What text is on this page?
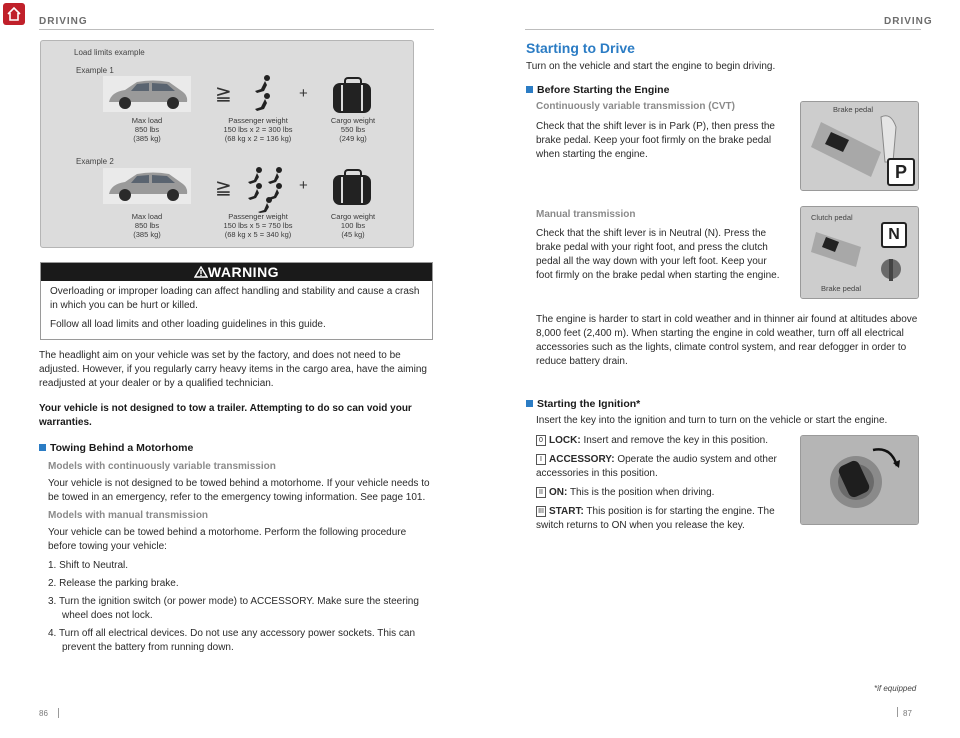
DRIVING	DRIVING
Load limits example
Example 1
≧	+
Max load
850 lbs
(385 kg)
Passenger weight
150 lbs x 2 = 300 lbs
(68 kg x 2 = 136 kg)
Cargo weight
550 lbs
(249 kg)
Example 2
≧	+
Max load
850 lbs
(385 kg)
Passenger weight
150 lbs x 5 = 750 lbs
(68 kg x 5 = 340 kg)
Cargo weight
100 lbs
(45 kg)
WARNING
Overloading or improper loading can affect handling and stability and cause a crash in which you can be hurt or killed.
Follow all load limits and other loading guidelines in this guide.
The headlight aim on your vehicle was set by the factory, and does not need to be adjusted. However, if you regularly carry heavy items in the cargo area, have the aiming readjusted at your dealer or by a qualified technician.
Your vehicle is not designed to tow a trailer. Attempting to do so can void your warranties.
Towing Behind a Motorhome
Models with continuously variable transmission
Your vehicle is not designed to be towed behind a motorhome. If your vehicle needs to be towed in an emergency, refer to the emergency towing information. See page 101.
Models with manual transmission
Your vehicle can be towed behind a motorhome. Perform the following procedure before towing your vehicle:
1. Shift to Neutral.
2. Release the parking brake.
3. Turn the ignition switch (or power mode) to ACCESSORY. Make sure the steering wheel does not lock.
4. Turn off all electrical devices. Do not use any accessory power sockets. This can prevent the battery from running down.
86
Starting to Drive
Turn on the vehicle and start the engine to begin driving.
Before Starting the Engine
Continuously variable transmission (CVT)
Check that the shift lever is in Park (P), then press the brake pedal. Keep your foot firmly on the brake pedal when starting the engine.
Brake pedal
P
Manual transmission
Check that the shift lever is in Neutral (N). Press the brake pedal with your right foot, and press the clutch pedal all the way down with your left foot. Keep your foot firmly on the brake pedal when starting the engine.
Clutch pedal
Brake pedal
N
The engine is harder to start in cold weather and in thinner air found at altitudes above 8,000 feet (2,400 m). When starting the engine in cold weather, turn off all electrical accessories such as the lights, climate control system, and rear defogger in order to reduce battery drain.
Starting the Ignition*
Insert the key into the ignition and turn to turn on the vehicle or start the engine.
0 LOCK: Insert and remove the key in this position.
I ACCESSORY: Operate the audio system and other accessories in this position.
II ON: This is the position when driving.
III START: This position is for starting the engine. The switch returns to ON when you release the key.
*if equipped
87
